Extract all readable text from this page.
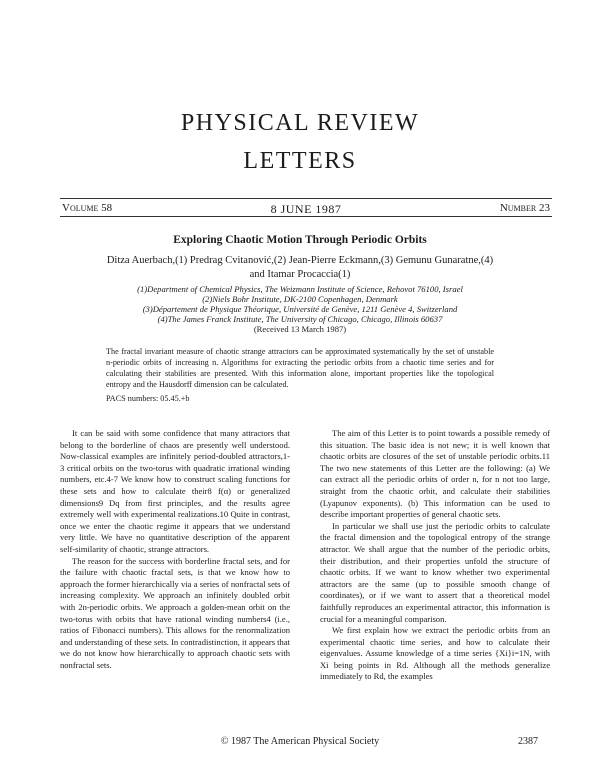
PHYSICAL REVIEW
LETTERS
Volume 58	8 JUNE 1987	Number 23
Exploring Chaotic Motion Through Periodic Orbits
Ditza Auerbach,(1) Predrag Cvitanović,(2) Jean-Pierre Eckmann,(3) Gemunu Gunaratne,(4)
and Itamar Procaccia(1)
(1)Department of Chemical Physics, The Weizmann Institute of Science, Rehovot 76100, Israel
(2)Niels Bohr Institute, DK-2100 Copenhagen, Denmark
(3)Département de Physique Théorique, Université de Genève, 1211 Genève 4, Switzerland
(4)The James Franck Institute, The University of Chicago, Chicago, Illinois 60637
(Received 13 March 1987)
The fractal invariant measure of chaotic strange attractors can be approximated systematically by the set of unstable n-periodic orbits of increasing n. Algorithms for extracting the periodic orbits from a chaotic time series and for calculating their stabilities are presented. With this information alone, important properties like the topological entropy and the Hausdorff dimension can be calculated.
PACS numbers: 05.45.+b

It can be said with some confidence that many attractors that belong to the borderline of chaos are presently well understood. Now-classical examples are infinitely period-doubled attractors,1-3 critical orbits on the two-torus with quadratic irrational winding numbers, etc.4-7 We know how to construct scaling functions for these sets and how to calculate their8 f(α) or generalized dimensions9 Dq from first principles, and the results agree extremely well with experimental realizations.10 Quite in contrast, once we enter the chaotic regime it appears that we understand very little. We have no quantitative description of the apparent self-similarity of chaotic, strange attractors.

The reason for the success with borderline fractal sets, and for the failure with chaotic fractal sets, is that we know how to approach the former hierarchically via a series of nonfractal sets of increasing complexity. We approach an infinitely doubled orbit with 2n-periodic orbits. We approach a golden-mean orbit on the two-torus with orbits that have rational winding numbers4 (i.e., ratios of Fibonacci numbers). This allows for the renormalization and understanding of these sets. In contradistinction, it appears that we do not know how hierarchically to approach chaotic sets with nonfractal sets.

The aim of this Letter is to point towards a possible remedy of this situation. The basic idea is not new; it is well known that chaotic orbits are closures of the set of unstable periodic orbits.11 The two new statements of this Letter are the following: (a) We can extract all the periodic orbits of order n, for n not too large, straight from the chaotic orbit, and calculate their stabilities (Lyapunov exponents). (b) This information can be used to describe important properties of general chaotic sets.

In particular we shall use just the periodic orbits to calculate the fractal dimension and the topological entropy of the strange attractor. We shall argue that the number of the periodic orbits, their distribution, and their properties unfold the structure of chaotic orbits. If we want to know whether two experimental attractors are the same (up to possible smooth change of coordinates), or if we want to assert that a theoretical model faithfully reproduces an experimental attractor, this information is crucial for a meaningful comparison.

We first explain how we extract the periodic orbits from an experimental chaotic time series, and how to calculate their eigenvalues. Assume knowledge of a time series {Xi}i=1N, with Xi being points in Rd. Although all the methods generalize immediately to Rd, the examples

© 1987 The American Physical Society	2387
